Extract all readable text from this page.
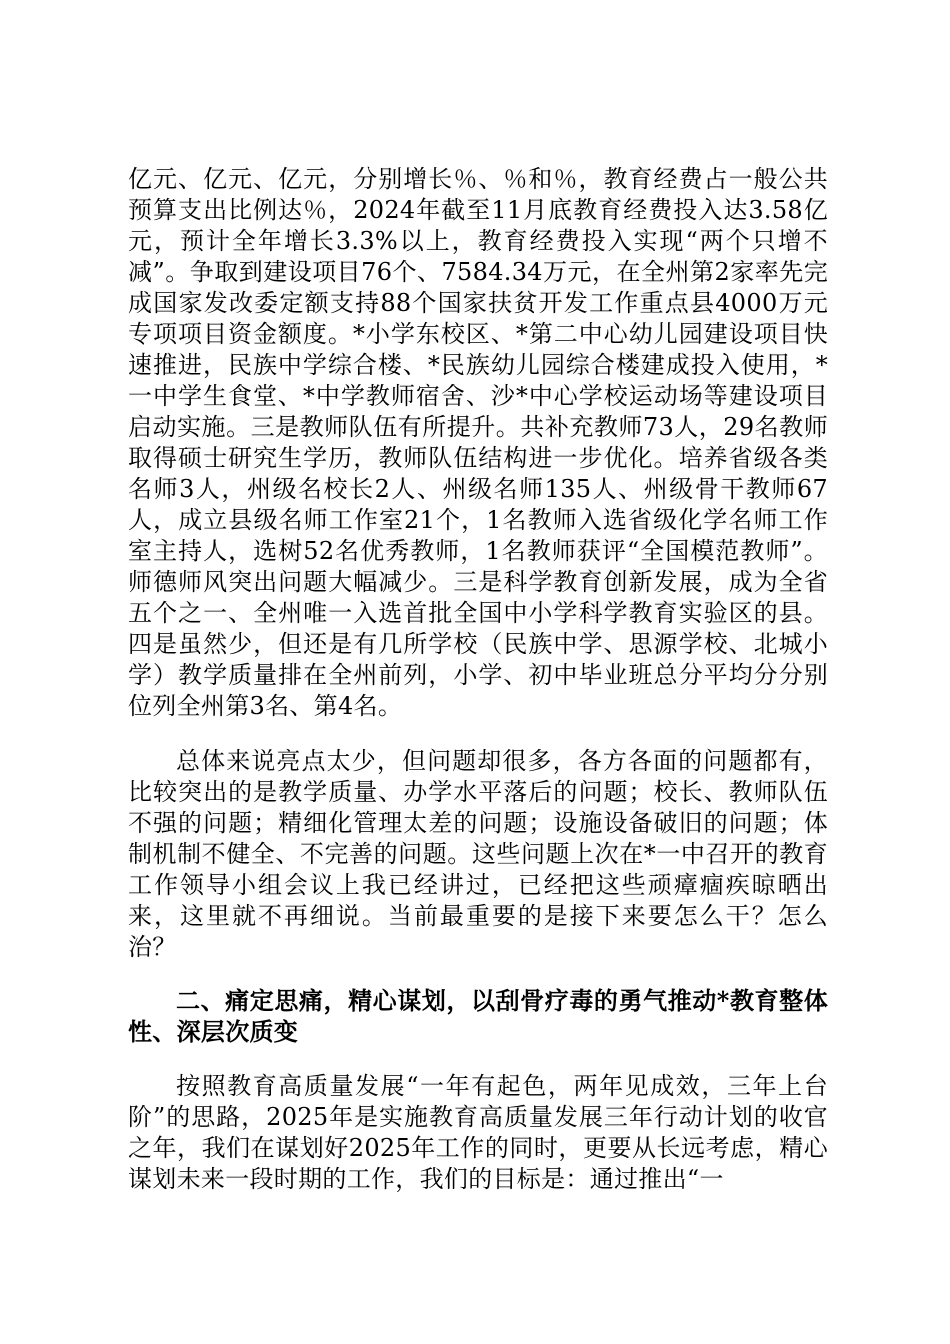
亿元、亿元、亿元，分别增长％、％和％，教育经费占一般公共预算支出比例达％，2024年截至11月底教育经费投入达3.58亿元，预计全年增长3.3%以上，教育经费投入实现“两个只增不减”。争取到建设项目76个、7584.34万元，在全州第2家率先完成国家发改委定额支持88个国家扶贫开发工作重点县4000万元专项项目资金额度。*小学东校区、*第二中心幼儿园建设项目快速推进，民族中学综合楼、*民族幼儿园综合楼建成投入使用，*一中学生食堂、*中学教师宿舍、沙*中心学校运动场等建设项目启动实施。三是教师队伍有所提升。共补充教师73人，29名教师取得硕士研究生学历，教师队伍结构进一步优化。培养省级各类名师3人，州级名校长2人、州级名师135人、州级骨干教师67人，成立县级名师工作室21个，1名教师入选省级化学名师工作室主持人，选树52名优秀教师，1名教师获评“全国模范教师”。师德师风突出问题大幅减少。三是科学教育创新发展，成为全省五个之一、全州唯一入选首批全国中小学科学教育实验区的县。四是虽然少，但还是有几所学校（民族中学、思源学校、北城小学）教学质量排在全州前列，小学、初中毕业班总分平均分分别位列全州第3名、第4名。

总体来说亮点太少，但问题却很多，各方各面的问题都有，比较突出的是教学质量、办学水平落后的问题；校长、教师队伍不强的问题；精细化管理太差的问题；设施设备破旧的问题；体制机制不健全、不完善的问题。这些问题上次在*一中召开的教育工作领导小组会议上我已经讲过，已经把这些顽瘴痼疾晾晒出来，这里就不再细说。当前最重要的是接下来要怎么干？怎么治？

二、痛定思痛，精心谋划，以刮骨疗毒的勇气推动*教育整体性、深层次质变

按照教育高质量发展“一年有起色，两年见成效，三年上台阶”的思路，2025年是实施教育高质量发展三年行动计划的收官之年，我们在谋划好2025年工作的同时，更要从长远考虑，精心谋划未来一段时期的工作，我们的目标是：通过推出“一
